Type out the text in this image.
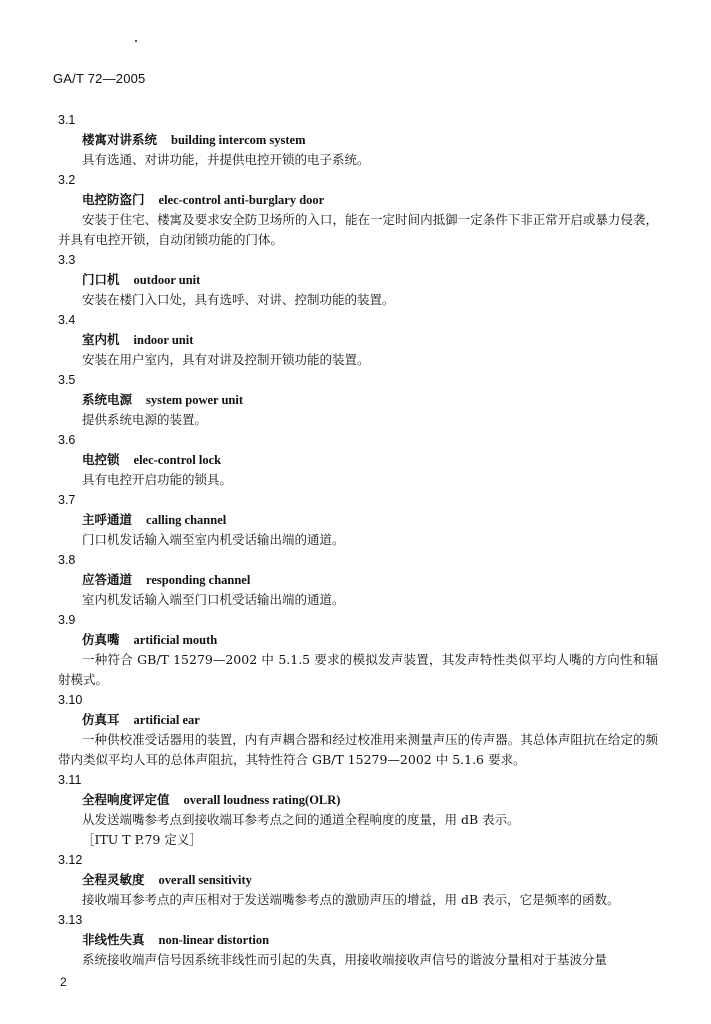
GA/T 72—2005
3.1
楼寓对讲系统 building intercom system
具有选通、对讲功能，并提供电控开锁的电子系统。
3.2
电控防盗门 elec-control anti-burglary door
安装于住宅、楼寓及要求安全防卫场所的入口，能在一定时间内抵御一定条件下非正常开启或暴力侵袭，并具有电控开锁，自动闭锁功能的门体。
3.3
门口机 outdoor unit
安装在楼门入口处，具有选呼、对讲、控制功能的装置。
3.4
室内机 indoor unit
安装在用户室内，具有对讲及控制开锁功能的装置。
3.5
系统电源 system power unit
提供系统电源的装置。
3.6
电控锁 elec-control lock
具有电控开启功能的锁具。
3.7
主呼通道 calling channel
门口机发话输入端至室内机受话输出端的通道。
3.8
应答通道 responding channel
室内机发话输入端至门口机受话输出端的通道。
3.9
仿真嘴 artificial mouth
一种符合 GB/T 15279—2002 中 5.1.5 要求的模拟发声装置，其发声特性类似平均人嘴的方向性和辐射模式。
3.10
仿真耳 artificial ear
一种供校准受话器用的装置，内有声耦合器和经过校准用来测量声压的传声器。其总体声阻抗在给定的频带内类似平均人耳的总体声阻抗，其特性符合 GB/T 15279—2002 中 5.1.6 要求。
3.11
全程响度评定值 overall loudness rating(OLR)
从发送端嘴参考点到接收端耳参考点之间的通道全程响度的度量，用 dB 表示。
［ITU T P.79 定义］
3.12
全程灵敏度 overall sensitivity
接收端耳参考点的声压相对于发送端嘴参考点的激励声压的增益，用 dB 表示，它是频率的函数。
3.13
非线性失真 non-linear distortion
系统接收端声信号因系统非线性而引起的失真，用接收端接收声信号的谐波分量相对于基波分量
2
